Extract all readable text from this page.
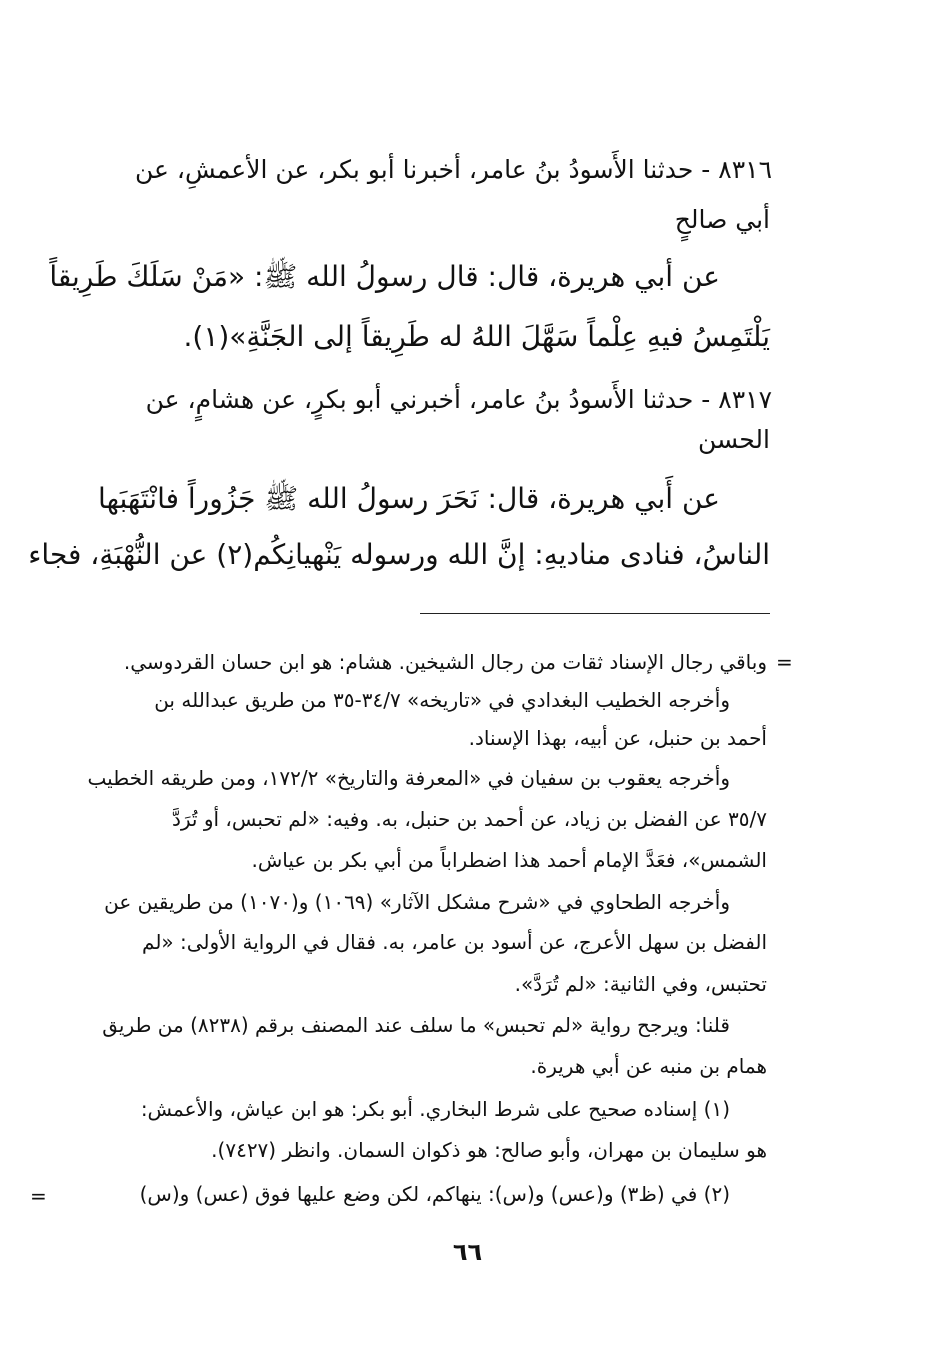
٨٣١٦ - حدثنا الأَسودُ بنُ عامر، أخبرنا أبو بكر، عن الأعمشِ، عن
أبي صالحٍ
عن أبي هريرة، قال: قال رسولُ الله ﷺ: «مَنْ سَلَكَ طَرِيقاً
يَلْتَمِسُ فيهِ عِلْماً سَهَّلَ اللهُ له طَرِيقاً إلى الجَنَّةِ»(١).
٨٣١٧ - حدثنا الأَسودُ بنُ عامر، أخبرني أبو بكرٍ، عن هشامٍ، عن
الحسن
عن أَبي هريرة، قال: نَحَرَ رسولُ الله ﷺ جَزُوراً فانْتَهَبَها
الناسُ، فنادى مناديهِ: إنَّ الله ورسوله يَنْهيانِكُم(٢) عن النُّهْبَةِ، فجاء
=
وباقي رجال الإسناد ثقات من رجال الشيخين. هشام: هو ابن حسان القردوسي.
وأخرجه الخطيب البغدادي في «تاريخه» ٣٤/٧-٣٥ من طريق عبدالله بن
أحمد بن حنبل، عن أبيه، بهذا الإسناد.
وأخرجه يعقوب بن سفيان في «المعرفة والتاريخ» ١٧٢/٢، ومن طريقه الخطيب
٣٥/٧ عن الفضل بن زياد، عن أحمد بن حنبل، به. وفيه: «لم تحبس، أو تُرَدَّ
الشمس»، فعَدَّ الإمام أحمد هذا اضطراباً من أبي بكر بن عياش.
وأخرجه الطحاوي في «شرح مشكل الآثار» (١٠٦٩) و(١٠٧٠) من طريقين عن
الفضل بن سهل الأعرج، عن أسود بن عامر، به. فقال في الرواية الأولى: «لم
تحتبس، وفي الثانية: «لم تُرَدَّ».
قلنا: ويرجح رواية «لم تحبس» ما سلف عند المصنف برقم (٨٢٣٨) من طريق
همام بن منبه عن أبي هريرة.
(١) إسناده صحيح على شرط البخاري. أبو بكر: هو ابن عياش، والأعمش:
هو سليمان بن مهران، وأبو صالح: هو ذكوان السمان. وانظر (٧٤٢٧).
(٢) في (ظ٣) و(عس) و(س): ينهاكم، لكن وضع عليها فوق (عس) و(س)
=
٦٦
